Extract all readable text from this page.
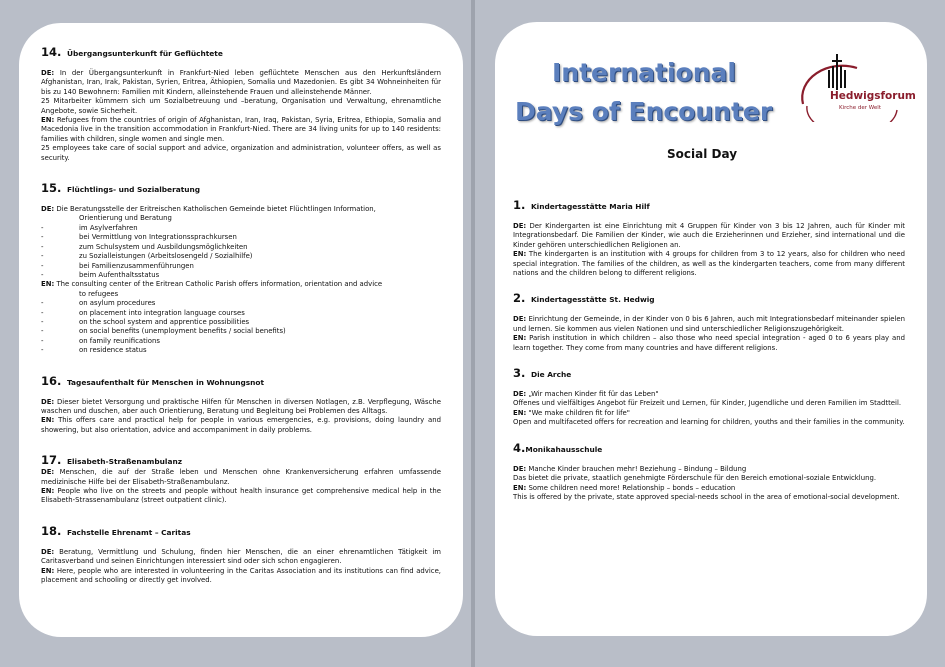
14. Übergangsunterkunft für Geflüchtete

DE: In der Übergangsunterkunft in Frankfurt-Nied leben geflüchtete Menschen aus den Herkunftsländern Afghanistan, Iran, Irak, Pakistan, Syrien, Eritrea, Äthiopien, Somalia und Mazedonien. Es gibt 34 Wohneinheiten für bis zu 140 Bewohnern: Familien mit Kindern, alleinstehende Frauen und alleinstehende Männer.

25 Mitarbeiter kümmern sich um Sozialbetreuung und –beratung, Organisation und Verwaltung, ehrenamtliche Angebote, sowie Sicherheit.

EN: Refugees from the countries of origin of Afghanistan, Iran, Iraq, Pakistan, Syria, Eritrea, Ethiopia, Somalia and Macedonia live in the transition accommodation in Frankfurt-Nied. There are 34 living units for up to 140 residents: families with children, single women and single men.

25 employees take care of social support and advice, organization and administration, volunteer offers, as well as security.

15. Flüchtlings- und Sozialberatung

DE: Die Beratungsstelle der Eritreischen Katholischen Gemeinde bietet Flüchtlingen Information,

Orientierung und Beratung
- im Asylverfahren
- bei Vermittlung von Integrationssprachkursen
- zum Schulsystem und Ausbildungsmöglichkeiten
- zu Sozialleistungen (Arbeitslosengeld / Sozialhilfe)
- bei Familienzusammenführungen
- beim Aufenthaltsstatus

EN: The consulting center of the Eritrean Catholic Parish offers information, orientation and advice

to refugees
- on asylum procedures
- on placement into integration language courses
- on the school system and apprentice possibilities
- on social benefits (unemployment benefits / social benefits)
- on family reunifications
- on residence status

16. Tagesaufenthalt für Menschen in Wohnungsnot

DE: Dieser bietet Versorgung und praktische Hilfen für Menschen in diversen Notlagen, z.B. Verpflegung, Wäsche waschen und duschen, aber auch Orientierung, Beratung und Begleitung bei Problemen des Alltags.

EN: This offers care and practical help for people in various emergencies, e.g. provisions, doing laundry and showering, but also orientation, advice and accompaniment in daily problems.

17. Elisabeth-Straßenambulanz

DE: Menschen, die auf der Straße leben und Menschen ohne Krankenversicherung erfahren umfassende medizinische Hilfe bei der Elisabeth-Straßenambulanz.

EN: People who live on the streets and people without health insurance get comprehensive medical help in the Elisabeth-Strassenambulanz (street outpatient clinic).

18. Fachstelle Ehrenamt – Caritas

DE: Beratung, Vermittlung und Schulung, finden hier Menschen, die an einer ehrenamtlichen Tätigkeit im Caritasverband und seinen Einrichtungen interessiert sind oder sich schon engagieren.

EN: Here, people who are interested in volunteering in the Caritas Association and its institutions can find advice, placement and schooling or directly get involved.

International

Days of Encounter

Hedwigsforum
Kirche der Welt
Social Day

1. Kindertagesstätte Maria Hilf

DE: Der Kindergarten ist eine Einrichtung mit 4 Gruppen für Kinder von 3 bis 12 Jahren, auch für Kinder mit Integrationsbedarf. Die Familien der Kinder, wie auch die Erzieherinnen und Erzieher, sind international und die Kinder gehören unterschiedlichen Religionen an.

EN: The kindergarten is an institution with 4 groups for children from 3 to 12 years, also for children who need special integration. The families of the children, as well as the kindergarten teachers, come from many different nations and the children belong to different religions.

2. Kindertagesstätte St. Hedwig

DE: Einrichtung der Gemeinde, in der Kinder von 0 bis 6 Jahren, auch mit Integrationsbedarf miteinander spielen und lernen. Sie kommen aus vielen Nationen und sind unterschiedlicher Religionszugehörigkeit.

EN: Parish institution in which children – also those who need special integration - aged 0 to 6 years play and learn together. They come from many countries and have different religions.

3. Die Arche

DE: „Wir machen Kinder fit für das Leben"

Offenes und vielfältiges Angebot für Freizeit und Lernen, für Kinder, Jugendliche und deren Familien im Stadtteil.

EN: "We make children fit for life"

Open and multifaceted offers for recreation and learning for children, youths and their families in the community.

4.Monikahausschule

DE: Manche Kinder brauchen mehr! Beziehung – Bindung – Bildung

Das bietet die private, staatlich genehmigte Förderschule für den Bereich emotional-soziale Entwicklung.

EN: Some children need more! Relationship – bonds – education

This is offered by the private, state approved special-needs school in the area of emotional-social development.
